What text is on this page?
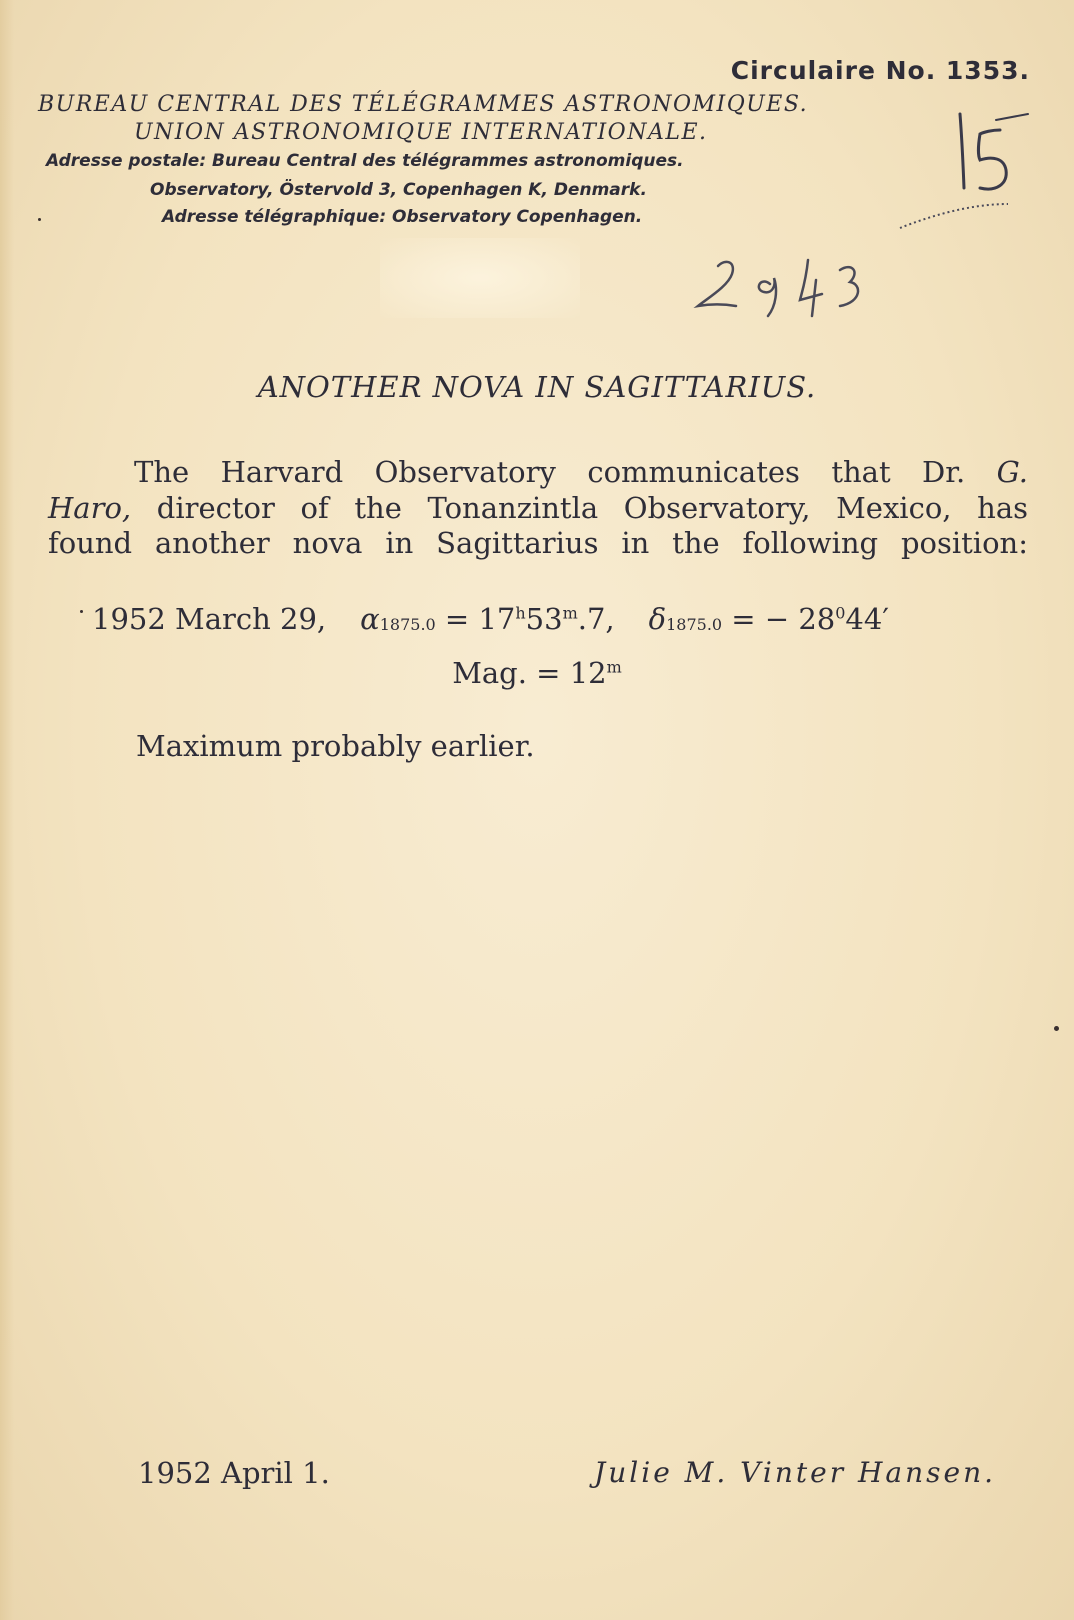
Circulaire No. 1353.
BUREAU CENTRAL DES TÉLÉGRAMMES ASTRONOMIQUES.
UNION ASTRONOMIQUE INTERNATIONALE.
Adresse postale: Bureau Central des télégrammes astronomiques.
Observatory, Östervold 3, Copenhagen K, Denmark.
Adresse télégraphique: Observatory Copenhagen.
ANOTHER NOVA IN SAGITTARIUS.
The Harvard Observatory communicates that Dr. G.
Haro, director of the Tonanzintla Observatory, Mexico, has
found another nova in Sagittarius in the following position:
1952 March 29, $\alpha 1875.0 = 17^h53^m.7$, δ1875.0 = − $28^044'$
Mag. = $12^m$
Maximum probably earlier.
1952 April 1.	Julie M. Vinter Hansen.
